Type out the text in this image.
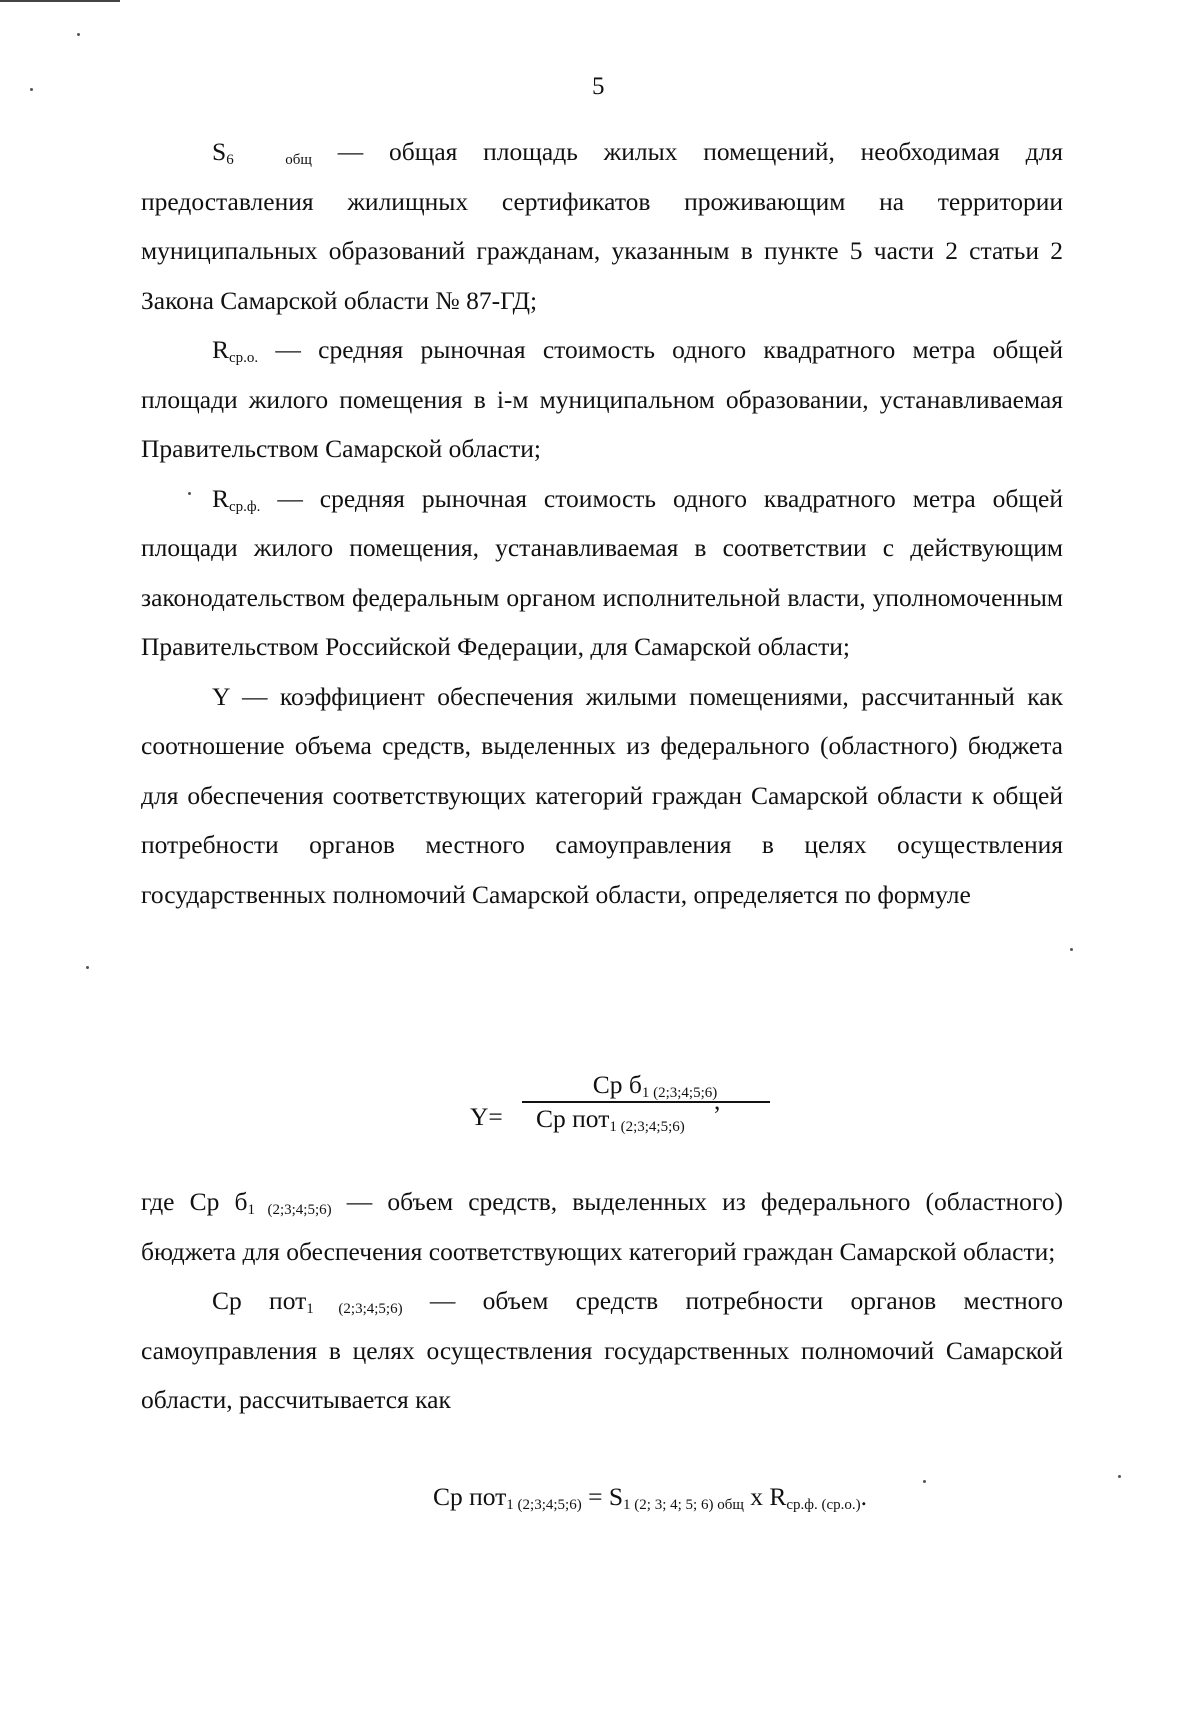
5

$S_6$	$_{общ}$ — общая площадь жилых помещений, необходимая для предоставления жилищных сертификатов проживающим на территории муниципальных образований гражданам, указанным в пункте 5 части 2 статьи 2 Закона Самарской области № 87-ГД;

$R_{ср.о.}$ — средняя рыночная стоимость одного квадратного метра общей площади жилого помещения в i-м муниципальном образовании, устанавливаемая Правительством Самарской области;

$R_{ср.ф.}$ — средняя рыночная стоимость одного квадратного метра общей площади жилого помещения, устанавливаемая в соответствии с действующим законодательством федеральным органом исполнительной власти, уполномоченным Правительством Российской Федерации, для Самарской области;

Y — коэффициент обеспечения жилыми помещениями, рассчитанный как соотношение объема средств, выделенных из федерального (областного) бюджета для обеспечения соответствующих категорий граждан Самарской области к общей потребности органов местного самоуправления в целях осуществления государственных полномочий Самарской области, определяется по формуле

Y=
Ср $б_{1 (2;3;4;5;6)}$
Ср пот$_{1 (2;3;4;5;6)}$
,

где Ср $б_{1 (2;3;4;5;6)}$ — объем средств, выделенных из федерального (областного) бюджета для обеспечения соответствующих категорий граждан Самарской области;

Ср пот$_{1 (2;3;4;5;6)}$ — объем средств потребности органов местного самоуправления в целях осуществления государственных полномочий Самарской области, рассчитывается как

Ср $пот_{1 (2;3;4;5;6)} = S_{1 (2; 3; 4; 5; 6) общ}$ x $R_{ср.ф. (ср.о.)}$.
